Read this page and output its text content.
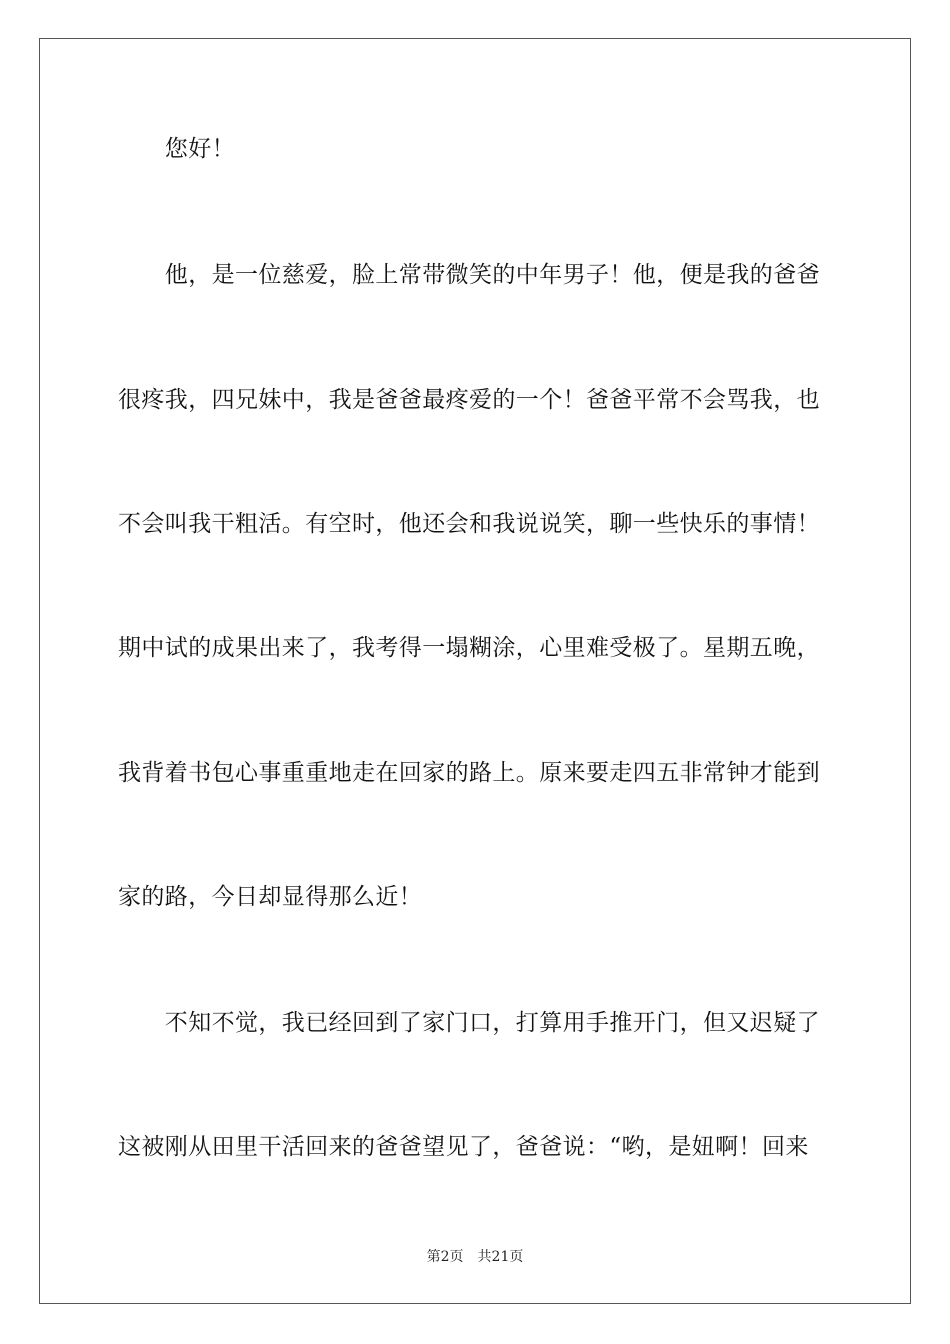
　　您好！
　　他，是一位慈爱，脸上常带微笑的中年男子！他，便是我的爸爸
很疼我，四兄妹中，我是爸爸最疼爱的一个！爸爸平常不会骂我，也
不会叫我干粗活。有空时，他还会和我说说笑，聊一些快乐的事情！
期中试的成果出来了，我考得一塌糊涂，心里难受极了。星期五晚，
我背着书包心事重重地走在回家的路上。原来要走四五非常钟才能到
家的路，今日却显得那么近！
　　不知不觉，我已经回到了家门口，打算用手推开门，但又迟疑了
这被刚从田里干活回来的爸爸望见了，爸爸说：“哟，是妞啊！回来
第2页 共21页
